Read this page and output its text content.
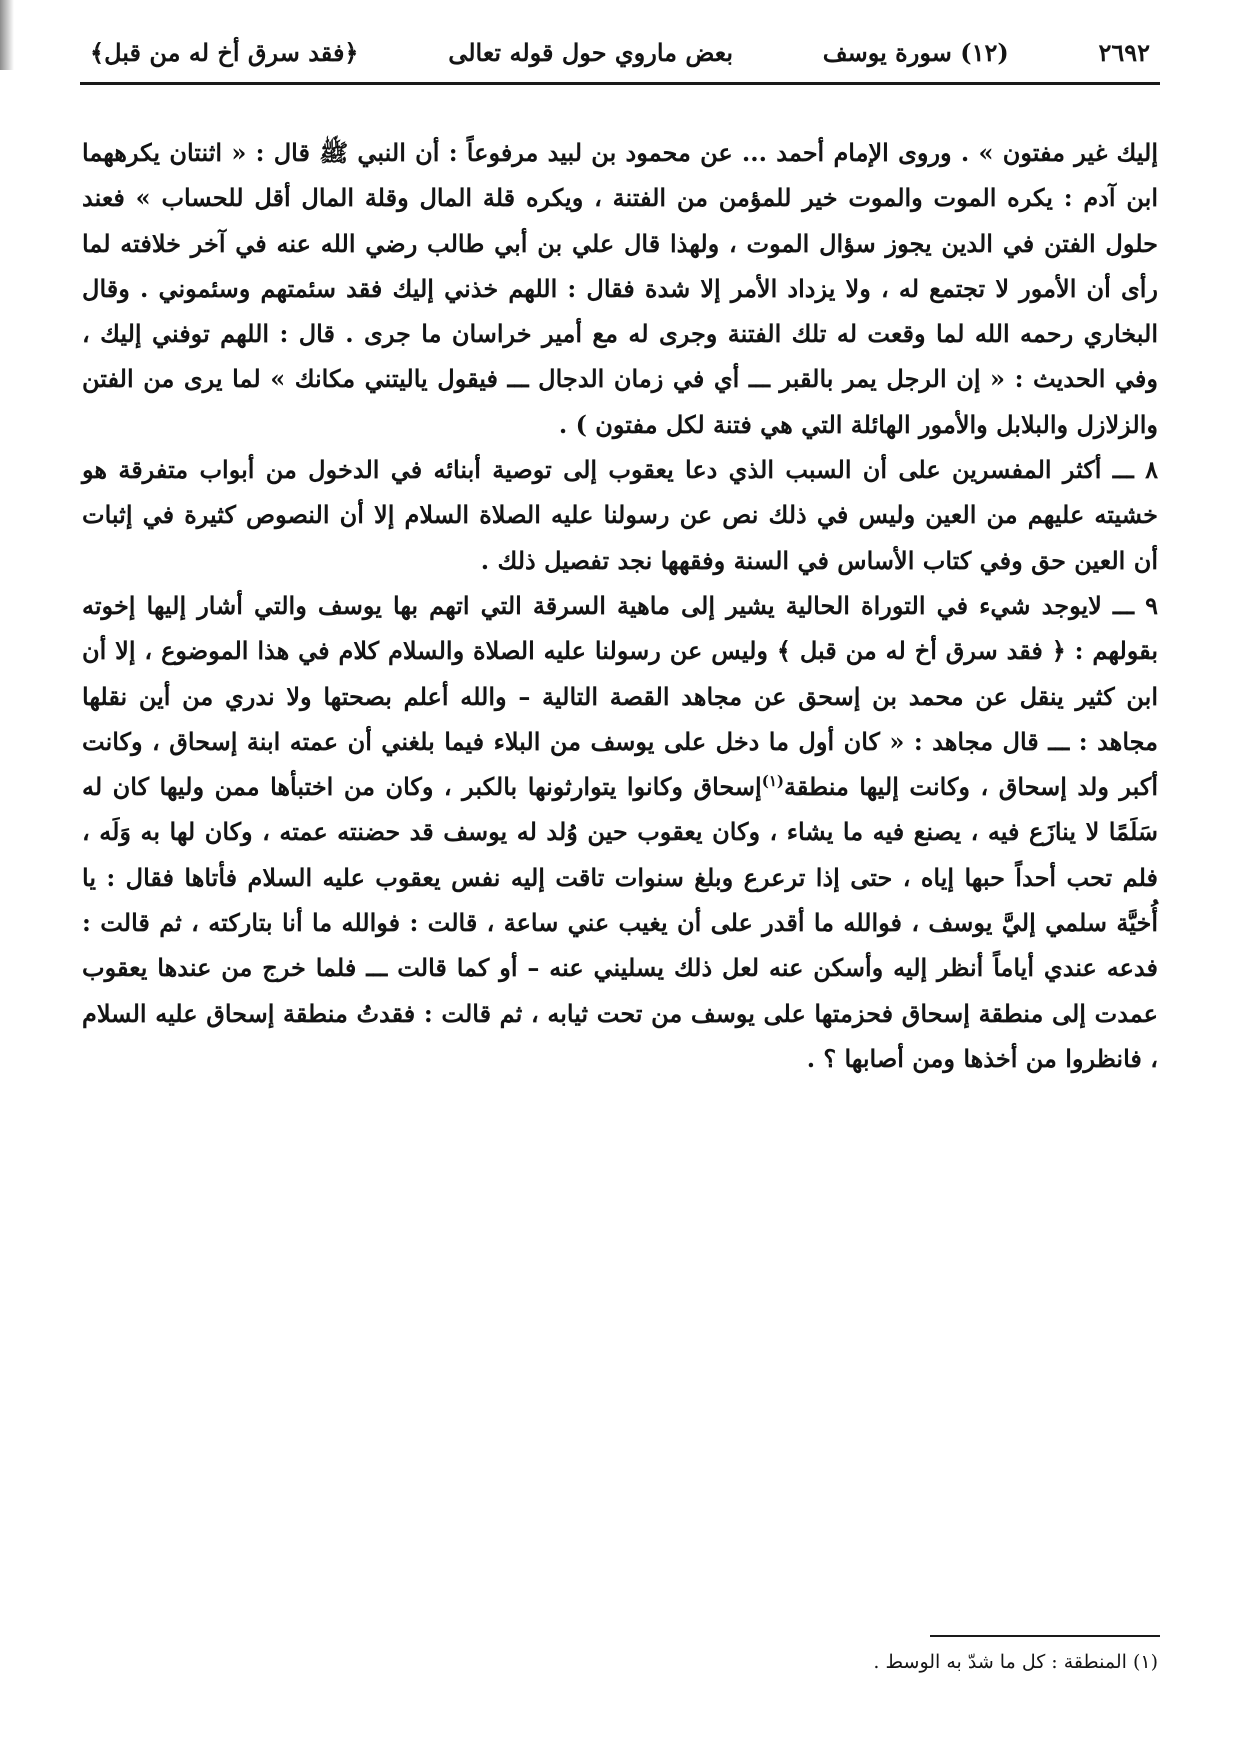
٢٦٩٢
(١٢) سورة يوسف
بعض ماروي حول قوله تعالى
﴿فقد سرق أخ له من قبل﴾

إليك غير مفتون » . وروى الإمام أحمد ... عن محمود بن لبيد مرفوعاً : أن النبي ﷺ قال : « اثنتان يكرههما ابن آدم : يكره الموت والموت خير للمؤمن من الفتنة ، ويكره قلة المال وقلة المال أقل للحساب » فعند حلول الفتن في الدين يجوز سؤال الموت ، ولهذا قال علي بن أبي طالب رضي الله عنه في آخر خلافته لما رأى أن الأمور لا تجتمع له ، ولا يزداد الأمر إلا شدة فقال : اللهم خذني إليك فقد سئمتهم وسئموني . وقال البخاري رحمه الله لما وقعت له تلك الفتنة وجرى له مع أمير خراسان ما جرى . قال : اللهم توفني إليك ، وفي الحديث : « إن الرجل يمر بالقبر ـــ أي في زمان الدجال ـــ فيقول ياليتني مكانك » لما يرى من الفتن والزلازل والبلابل والأمور الهائلة التي هي فتنة لكل مفتون ) .

٨ ـــ أكثر المفسرين على أن السبب الذي دعا يعقوب إلى توصية أبنائه في الدخول من أبواب متفرقة هو خشيته عليهم من العين وليس في ذلك نص عن رسولنا عليه الصلاة السلام إلا أن النصوص كثيرة في إثبات أن العين حق وفي كتاب الأساس في السنة وفقهها نجد تفصيل ذلك .

٩ ـــ لايوجد شيء في التوراة الحالية يشير إلى ماهية السرقة التي اتهم بها يوسف والتي أشار إليها إخوته بقولهم : ﴿ فقد سرق أخ له من قبل ﴾ وليس عن رسولنا عليه الصلاة والسلام كلام في هذا الموضوع ، إلا أن ابن كثير ينقل عن محمد بن إسحق عن مجاهد القصة التالية – والله أعلم بصحتها ولا ندري من أين نقلها مجاهد : ـــ قال مجاهد : « كان أول ما دخل على يوسف من البلاء فيما بلغني أن عمته ابنة إسحاق ، وكانت أكبر ولد إسحاق ، وكانت إليها منطقة$^{(١)}$إسحاق وكانوا يتوارثونها بالكبر ، وكان من اختبأها ممن وليها كان له سَلَمًا لا ينازَع فيه ، يصنع فيه ما يشاء ، وكان يعقوب حين وُلد له يوسف قد حضنته عمته ، وكان لها به وَلَه ، فلم تحب أحداً حبها إياه ، حتى إذا ترعرع وبلغ سنوات تاقت إليه نفس يعقوب عليه السلام فأتاها فقال : يا أُخيَّة سلمي إليَّ يوسف ، فوالله ما أقدر على أن يغيب عني ساعة ، قالت : فوالله ما أنا بتاركته ، ثم قالت : فدعه عندي أياماً أنظر إليه وأسكن عنه لعل ذلك يسليني عنه – أو كما قالت ـــ فلما خرج من عندها يعقوب عمدت إلى منطقة إسحاق فحزمتها على يوسف من تحت ثيابه ، ثم قالت : فقدتُ منطقة إسحاق عليه السلام ، فانظروا من أخذها ومن أصابها ؟ .

(١) المنطقة : كل ما شدّ به الوسط .
